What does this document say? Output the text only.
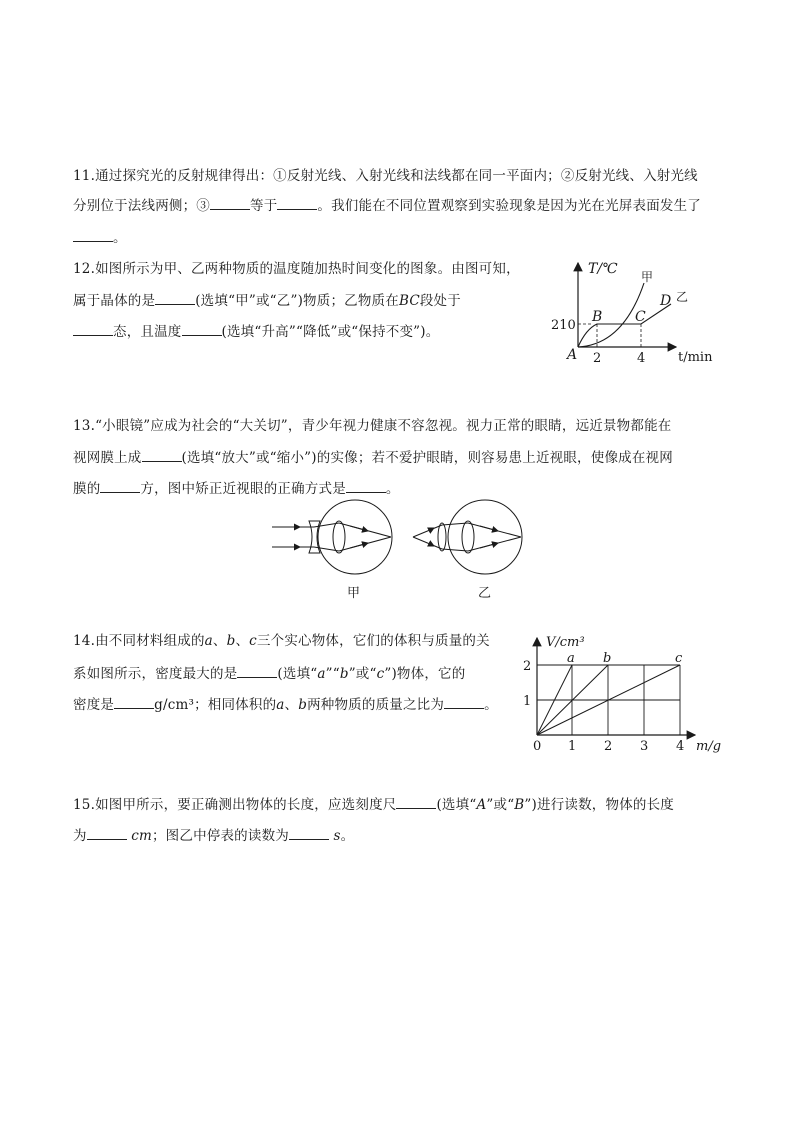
11.通过探究光的反射规律得出：①反射光线、入射光线和法线都在同一平面内；②反射光线、入射光线
分别位于法线两侧；③	等于	。我们能在不同位置观察到实验现象是因为光在光屏表面发生了
。
12.如图所示为甲、乙两种物质的温度随加热时间变化的图象。由图可知，
属于晶体的是	(选填“甲”或“乙”)物质；乙物质在BC段处于
态，且温度	(选填“升高”“降低”或“保持不变”)。
T/℃
t/min
A
210
2	4
B C
D
甲
乙
13.“小眼镜”应成为社会的“大关切”，青少年视力健康不容忽视。视力正常的眼睛，远近景物都能在
视网膜上成	(选填“放大”或“缩小”)的实像；若不爱护眼睛，则容易患上近视眼，使像成在视网
膜的	方，图中矫正近视眼的正确方式是	。
甲	乙
14.由不同材料组成的a、b、c三个实心物体，它们的体积与质量的关
系如图所示，密度最大的是	(选填“a”“b”或“c”)物体，它的
密度是	g/cm³；相同体积的a、b两种物质的质量之比为	。
V/cm³
m/g
2
1
0 1 2 3 4
a b	c
15.如图甲所示，要正确测出物体的长度，应选刻度尺	(选填“A”或“B”)进行读数，物体的长度
为	cm；图乙中停表的读数为	s。
